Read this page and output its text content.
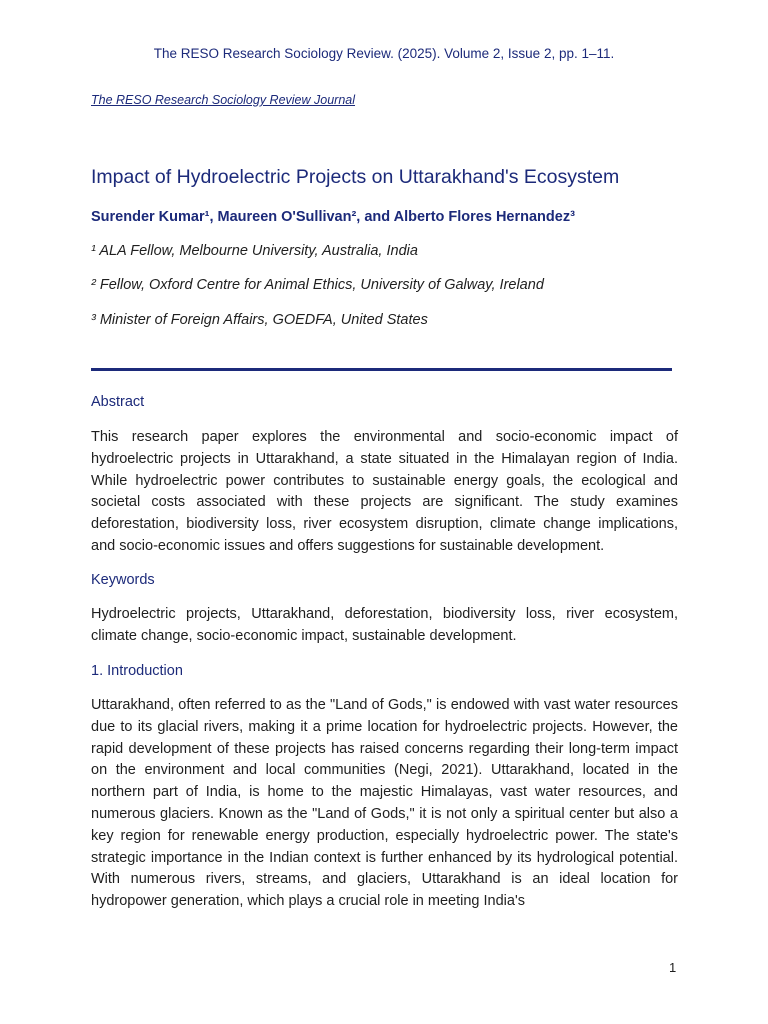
The RESO Research Sociology Review. (2025). Volume 2, Issue 2, pp. 1–11.
The RESO Research Sociology Review Journal
Impact of Hydroelectric Projects on Uttarakhand's Ecosystem
Surender Kumar¹, Maureen O'Sullivan², and Alberto Flores Hernandez³
¹ ALA Fellow, Melbourne University, Australia, India
² Fellow, Oxford Centre for Animal Ethics, University of Galway, Ireland
³ Minister of Foreign Affairs, GOEDFA, United States
Abstract

This research paper explores the environmental and socio-economic impact of hydroelectric projects in Uttarakhand, a state situated in the Himalayan region of India. While hydroelectric power contributes to sustainable energy goals, the ecological and societal costs associated with these projects are significant. The study examines deforestation, biodiversity loss, river ecosystem disruption, climate change implications, and socio-economic issues and offers suggestions for sustainable development.

Keywords

Hydroelectric projects, Uttarakhand, deforestation, biodiversity loss, river ecosystem, climate change, socio-economic impact, sustainable development.

1. Introduction

Uttarakhand, often referred to as the "Land of Gods," is endowed with vast water resources due to its glacial rivers, making it a prime location for hydroelectric projects. However, the rapid development of these projects has raised concerns regarding their long-term impact on the environment and local communities (Negi, 2021). Uttarakhand, located in the northern part of India, is home to the majestic Himalayas, vast water resources, and numerous glaciers. Known as the "Land of Gods," it is not only a spiritual center but also a key region for renewable energy production, especially hydroelectric power. The state's strategic importance in the Indian context is further enhanced by its hydrological potential. With numerous rivers, streams, and glaciers, Uttarakhand is an ideal location for hydropower generation, which plays a crucial role in meeting India's

1
